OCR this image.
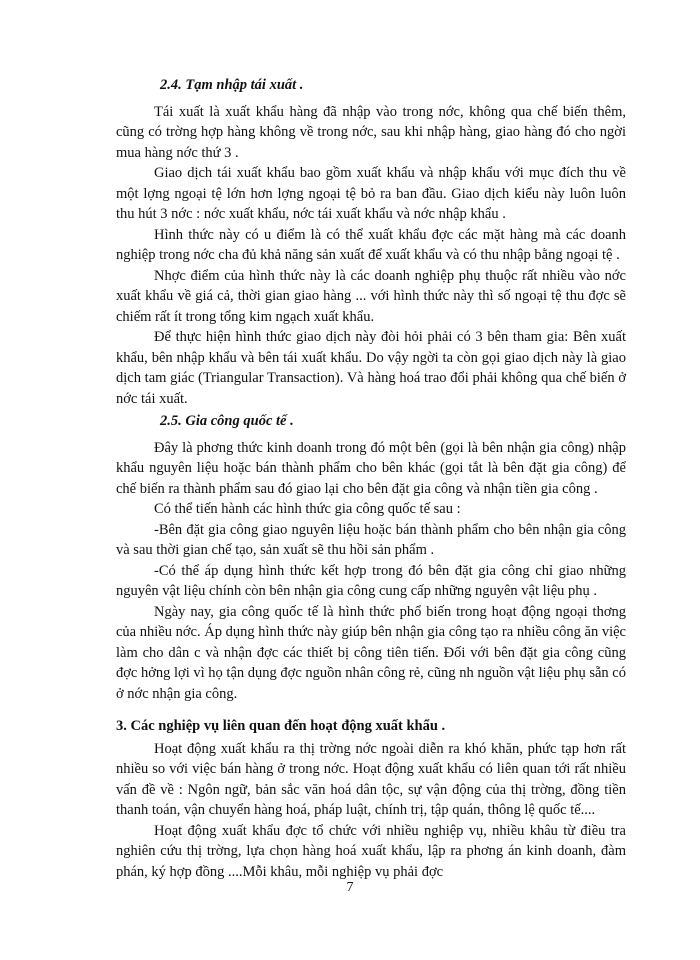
2.4. Tạm nhập tái xuất .

Tái xuất là xuất khẩu hàng đã nhập vào trong nớc, không qua chế biến thêm, cũng có trờng hợp hàng không về trong nớc, sau khi nhập hàng, giao hàng đó cho ngời mua hàng nớc thứ 3 .

Giao dịch tái xuất khẩu bao gồm xuất khẩu và nhập khẩu với mục đích thu về một lợng ngoại tệ lớn hơn lợng ngoại tệ bỏ ra ban đầu. Giao dịch kiểu này luôn luôn thu hút 3 nớc : nớc xuất khẩu, nớc tái xuất khẩu và nớc nhập khẩu .

Hình thức này có u điểm là có thể xuất khẩu đợc các mặt hàng mà các doanh nghiệp trong nớc cha đủ khả năng sản xuất để xuất khẩu và có thu nhập bằng ngoại tệ .

Nhợc điểm của hình thức này là các doanh nghiệp phụ thuộc rất nhiều vào nớc xuất khẩu về giá cả, thời gian giao hàng ... với hình thức này thì số ngoại tệ thu đợc sẽ chiếm rất ít trong tổng kim ngạch xuất khẩu.

Để thực hiện hình thức giao dịch này đòi hỏi phải có 3 bên tham gia: Bên xuất khẩu, bên nhập khẩu và bên tái xuất khẩu. Do vậy ngời ta còn gọi giao dịch này là giao dịch tam giác (Triangular Transaction). Và hàng hoá trao đổi phải không qua chế biến ở nớc tái xuất.

2.5. Gia công quốc tế .

Đây là phơng thức kinh doanh trong đó một bên (gọi là bên nhận gia công) nhập khẩu nguyên liệu hoặc bán thành phẩm cho bên khác (gọi tắt là bên đặt gia công) để chế biến ra thành phẩm sau đó giao lại cho bên đặt gia công và nhận tiền gia công .

Có thể tiến hành các hình thức gia công quốc tế sau :

-Bên đặt gia công giao nguyên liệu hoặc bán thành phẩm cho bên nhận gia công và sau thời gian chế tạo, sản xuất sẽ thu hồi sản phẩm .

-Có thể áp dụng hình thức kết hợp trong đó bên đặt gia công chỉ giao những nguyên vật liệu chính còn bên nhận gia công cung cấp những nguyên vật liệu phụ .

Ngày nay, gia công quốc tế là hình thức phổ biến trong hoạt động ngoại thơng của nhiều nớc. Áp dụng hình thức này giúp bên nhận gia công tạo ra nhiều công ăn việc làm cho dân c và nhận đợc các thiết bị công tiên tiến. Đối với bên đặt gia công cũng đợc hởng lợi vì họ tận dụng đợc nguồn nhân công rẻ, cũng nh nguồn vật liệu phụ sẵn có ở nớc nhận gia công.

3. Các nghiệp vụ liên quan đến hoạt động xuất khẩu .

Hoạt động xuất khẩu ra thị trờng nớc ngoài diễn ra khó khăn, phức tạp hơn rất nhiều so với việc bán hàng ở trong nớc. Hoạt động xuất khẩu có liên quan tới rất nhiều vấn đề về : Ngôn ngữ, bản sắc văn hoá dân tộc, sự vận động của thị trờng, đồng tiền thanh toán, vận chuyển hàng hoá, pháp luật, chính trị, tập quán, thông lệ quốc tế....

Hoạt động xuất khẩu đợc tổ chức với nhiều nghiệp vụ, nhiều khâu từ điều tra nghiên cứu thị trờng, lựa chọn hàng hoá xuất khẩu, lập ra phơng án kinh doanh, đàm phán, ký hợp đồng ....Mỗi khâu, mỗi nghiệp vụ phải đợc

7
